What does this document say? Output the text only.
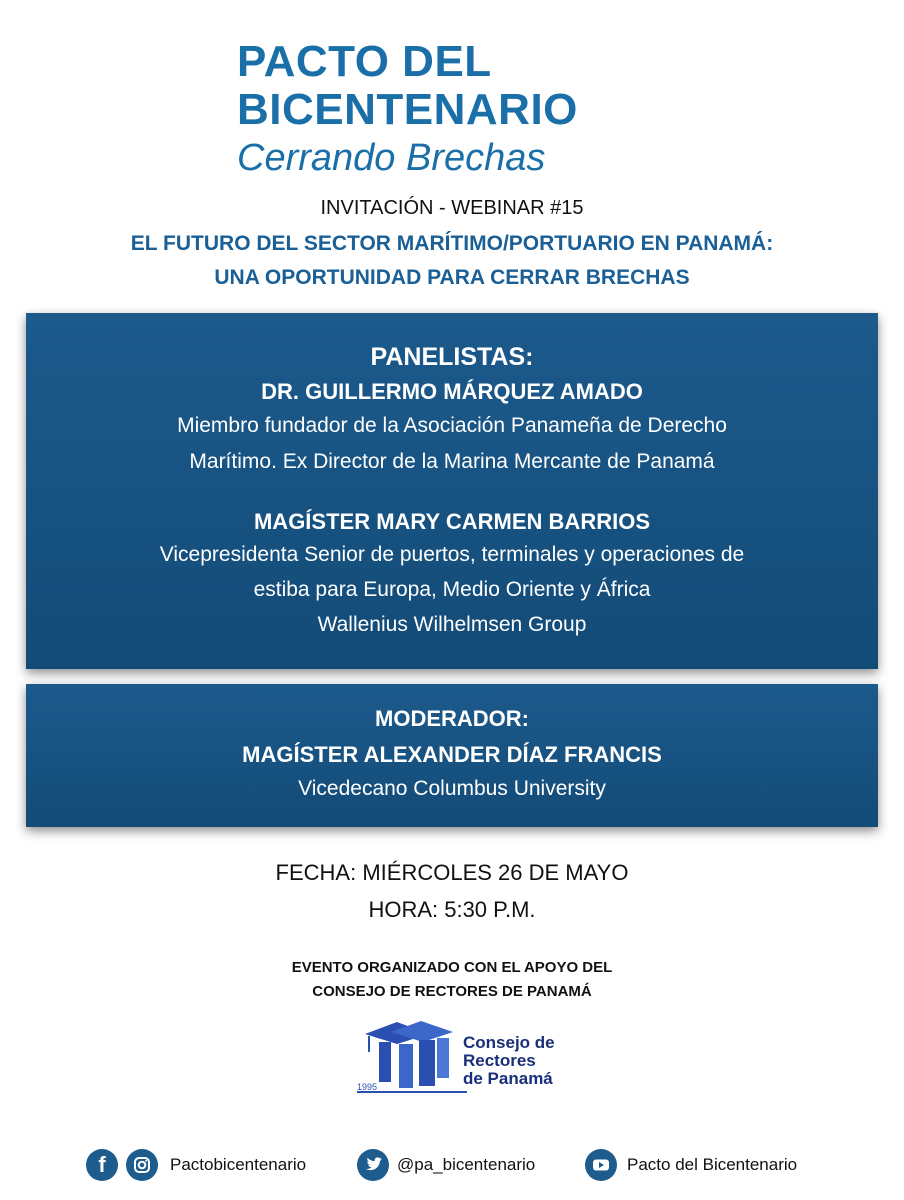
PACTO DEL
BICENTENARIO
Cerrando Brechas
INVITACIÓN - WEBINAR #15
EL FUTURO DEL SECTOR MARÍTIMO/PORTUARIO EN PANAMÁ:
UNA OPORTUNIDAD PARA CERRAR BRECHAS
PANELISTAS:
DR. GUILLERMO MÁRQUEZ AMADO
Miembro fundador de la Asociación Panameña de Derecho
Marítimo. Ex Director de la Marina Mercante de Panamá
MAGÍSTER MARY CARMEN BARRIOS
Vicepresidenta Senior de puertos, terminales y operaciones de
estiba para Europa, Medio Oriente y África
Wallenius Wilhelmsen Group
MODERADOR:
MAGÍSTER ALEXANDER DÍAZ FRANCIS
Vicedecano Columbus University
FECHA: MIÉRCOLES 26 DE MAYO
HORA: 5:30 P.M.
EVENTO ORGANIZADO CON EL APOYO DEL
CONSEJO DE RECTORES DE PANAMÁ
1995
Consejo de
Rectores
de Panamá
f	Pactobicentenario	@pa_bicentenario	Pacto del Bicentenario
